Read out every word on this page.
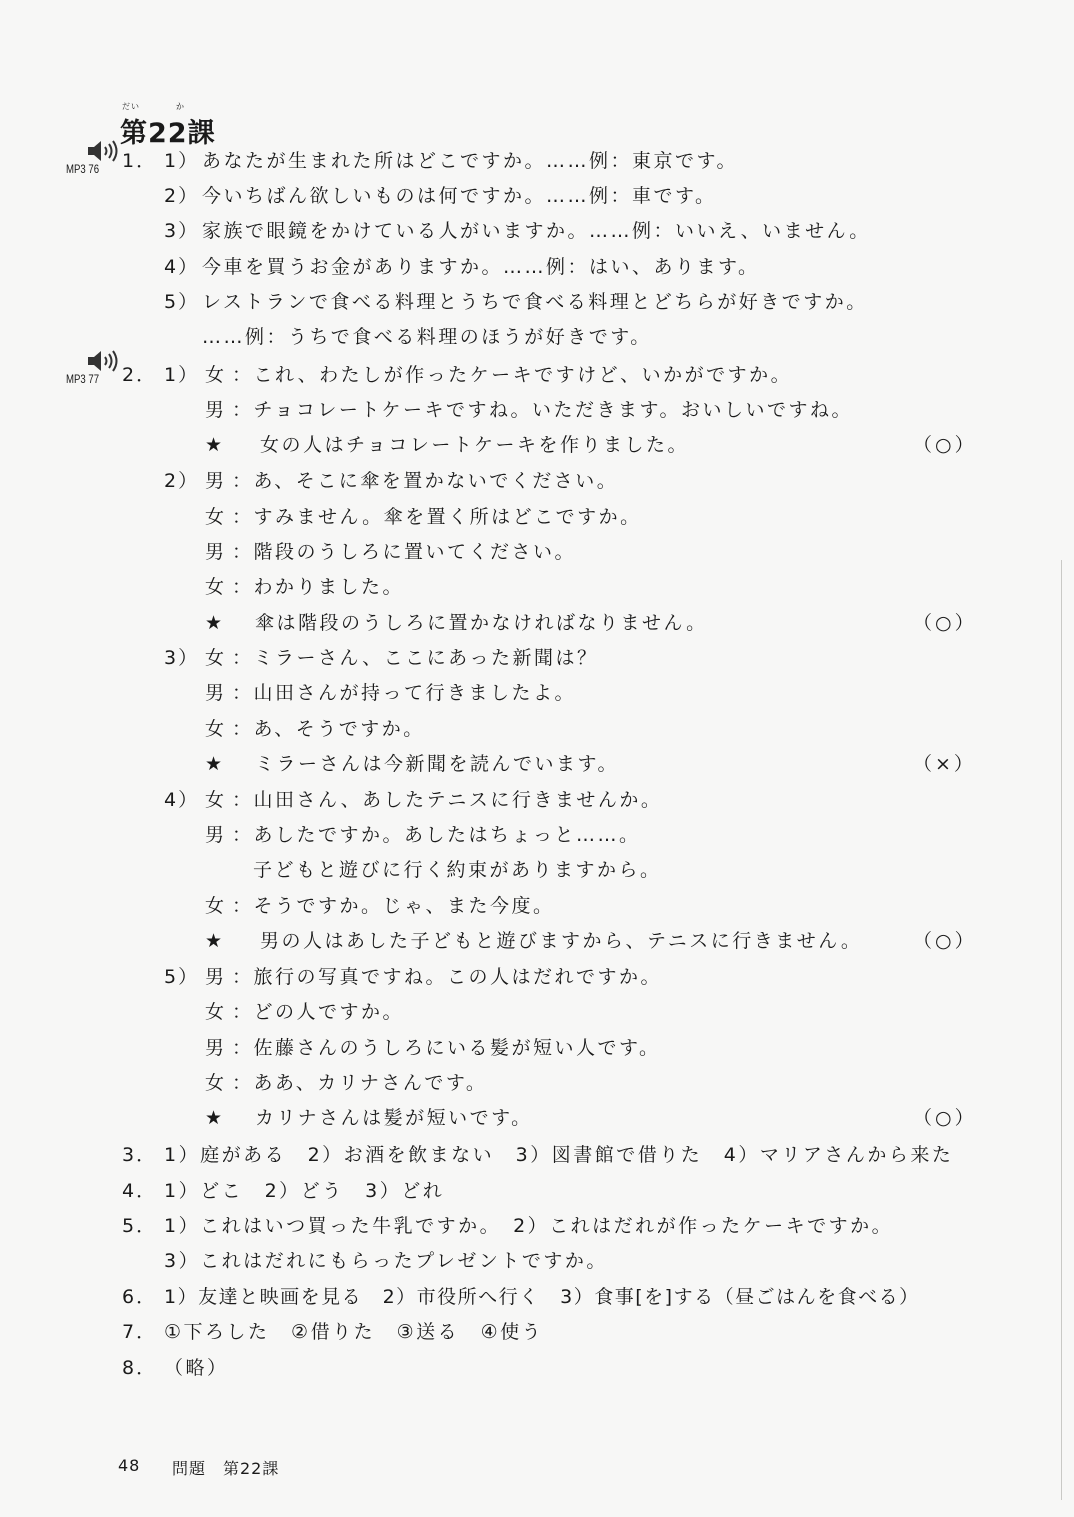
だい	か
第22課
MP3 76
MP3 77
1． 1） あなたが生まれた所はどこですか。……例：東京です。
2） 今いちばん欲しいものは何ですか。……例：車です。
3） 家族で眼鏡をかけている人がいますか。……例：いいえ、いません。
4） 今車を買うお金がありますか。……例：はい、あります。
5） レストランで食べる料理とうちで食べる料理とどちらが好きですか。
……例：うちで食べる料理のほうが好きです。
2． 1） 女 ：これ、わたしが作ったケーキですけど、いかがですか。
男 ：チョコレートケーキですね。いただきます。おいしいですね。
★ 女の人はチョコレートケーキを作りました。	（○）
2） 男 ：あ、そこに傘を置かないでください。
女 ：すみません。傘を置く所はどこですか。
男 ：階段のうしろに置いてください。
女 ：わかりました。
★ 傘は階段のうしろに置かなければなりません。	（○）
3） 女 ：ミラーさん、ここにあった新聞は？
男 ：山田さんが持って行きましたよ。
女 ：あ、そうですか。
★ ミラーさんは今新聞を読んでいます。	（×）
4） 女 ：山田さん、あしたテニスに行きませんか。
男 ：あしたですか。あしたはちょっと……。
子どもと遊びに行く約束がありますから。
女 ：そうですか。じゃ、また今度。
★ 男の人はあした子どもと遊びますから、テニスに行きません。	（○）
5） 男 ：旅行の写真ですね。この人はだれですか。
女 ：どの人ですか。
男 ：佐藤さんのうしろにいる髪が短い人です。
女 ：ああ、カリナさんです。
★ カリナさんは髪が短いです。	（○）
3． 1）庭がある　2）お酒を飲まない　3）図書館で借りた　4）マリアさんから来た
4． 1）どこ　2）どう　3）どれ
5． 1）これはいつ買った牛乳ですか。　2）これはだれが作ったケーキですか。
3）これはだれにもらったプレゼントですか。
6． 1）友達と映画を見る　2）市役所へ行く　3）食事[を]する（昼ごはんを食べる）
7． ①下ろした　②借りた　③送る　④使う
8． （略）
48 問題　第22課
